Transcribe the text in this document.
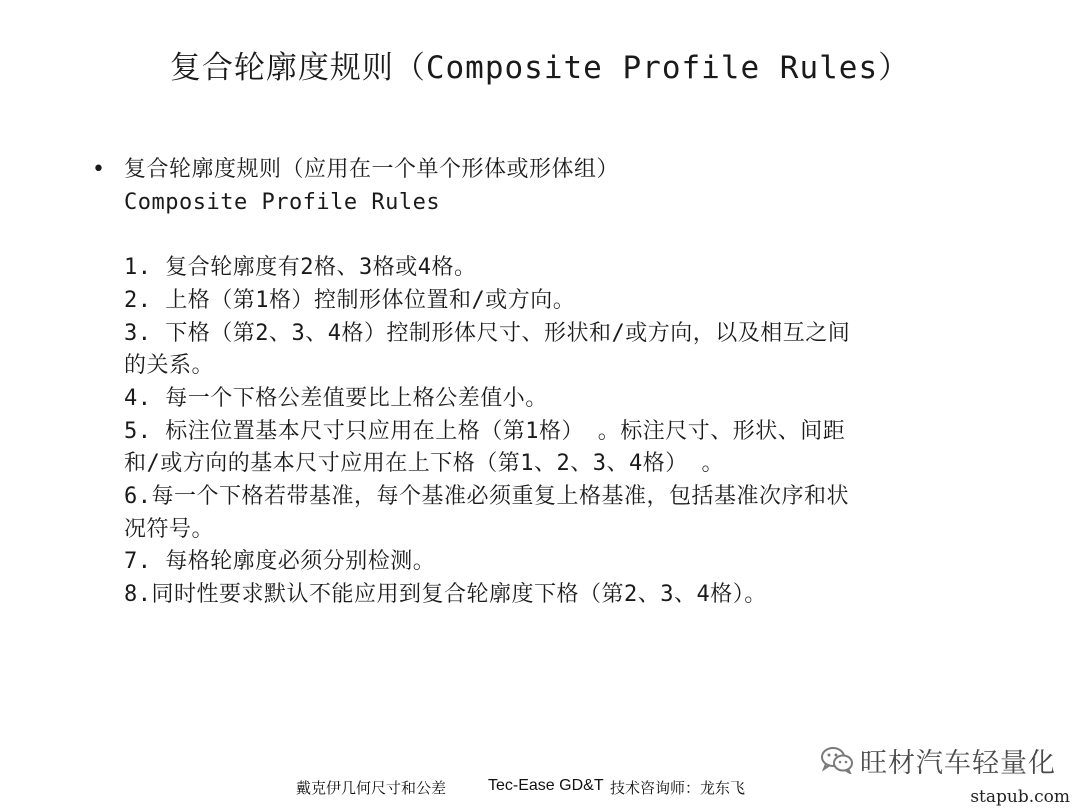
复合轮廓度规则（Composite Profile Rules）
• 复合轮廓度规则（应用在一个单个形体或形体组）
Composite Profile Rules
1. 复合轮廓度有2格、3格或4格。
2. 上格（第1格）控制形体位置和/或方向。
3. 下格（第2、3、4格）控制形体尺寸、形状和/或方向，以及相互之间
的关系。
4. 每一个下格公差值要比上格公差值小。
5. 标注位置基本尺寸只应用在上格（第1格） 。标注尺寸、形状、间距
和/或方向的基本尺寸应用在上下格（第1、2、3、4格） 。
6.每一个下格若带基准，每个基准必须重复上格基准，包括基准次序和状
况符号。
7. 每格轮廓度必须分别检测。
8.同时性要求默认不能应用到复合轮廓度下格（第2、3、4格）。
旺材汽车轻量化
戴克伊几何尺寸和公差	Tec-Ease GD&T 技术咨询师：龙东飞	stapub.com
